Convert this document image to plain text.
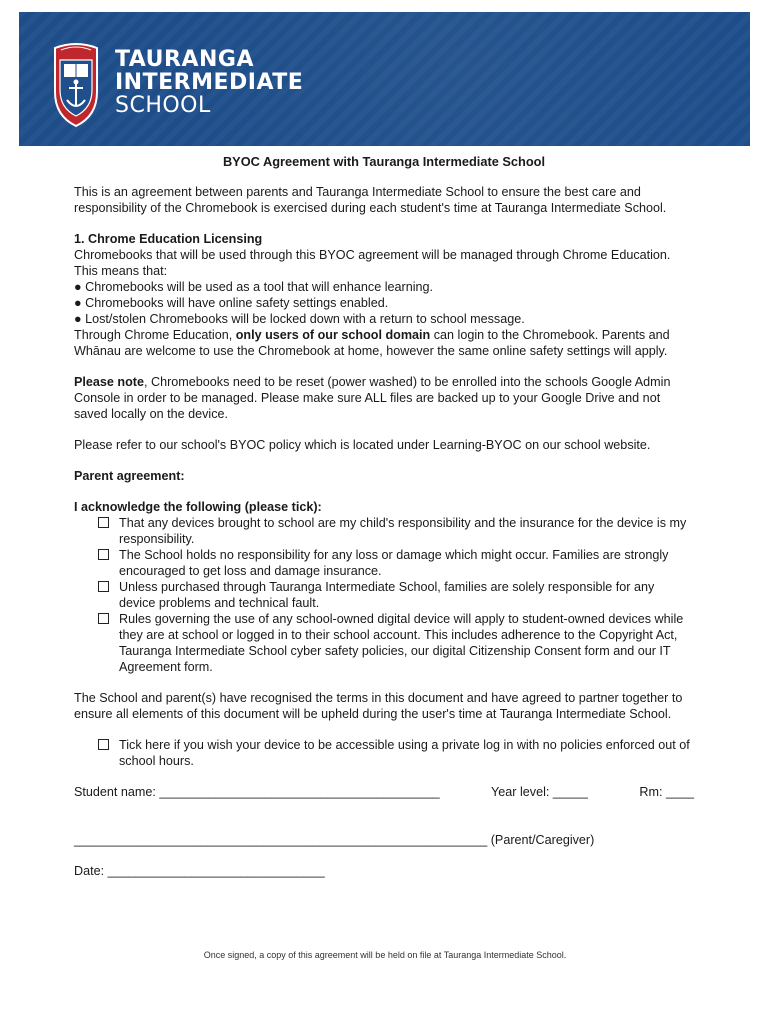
TAURANGA
INTERMEDIATE
SCHOOL
BYOC Agreement with Tauranga Intermediate School

This is an agreement between parents and Tauranga Intermediate School to ensure the best care and responsibility of the Chromebook is exercised during each student's time at Tauranga Intermediate School.

1. Chrome Education Licensing

Chromebooks that will be used through this BYOC agreement will be managed through Chrome Education. This means that:

● Chromebooks will be used as a tool that will enhance learning.

● Chromebooks will have online safety settings enabled.

● Lost/stolen Chromebooks will be locked down with a return to school message.

Through Chrome Education, only users of our school domain can login to the Chromebook. Parents and Whānau are welcome to use the Chromebook at home, however the same online safety settings will apply.

Please note, Chromebooks need to be reset (power washed) to be enrolled into the schools Google Admin Console in order to be managed. Please make sure ALL files are backed up to your Google Drive and not saved locally on the device.

Please refer to our school's BYOC policy which is located under Learning-BYOC on our school website.

Parent agreement:

I acknowledge the following (please tick):

That any devices brought to school are my child's responsibility and the insurance for the device is my responsibility.
The School holds no responsibility for any loss or damage which might occur. Families are strongly encouraged to get loss and damage insurance.
Unless purchased through Tauranga Intermediate School, families are solely responsible for any device problems and technical fault.
Rules governing the use of any school-owned digital device will apply to student-owned devices while they are at school or logged in to their school account. This includes adherence to the Copyright Act, Tauranga Intermediate School cyber safety policies, our digital Citizenship Consent form and our IT Agreement form.

The School and parent(s) have recognised the terms in this document and have agreed to partner together to ensure all elements of this document will be upheld during the user's time at Tauranga Intermediate School.

Tick here if you wish your device to be accessible using a private log in with no policies enforced out of school hours.
Student name: ________________________________________	Year level: _____	Rm: ____

___________________________________________________________ (Parent/Caregiver)

Date: _______________________________

Once signed, a copy of this agreement will be held on file at Tauranga Intermediate School.
